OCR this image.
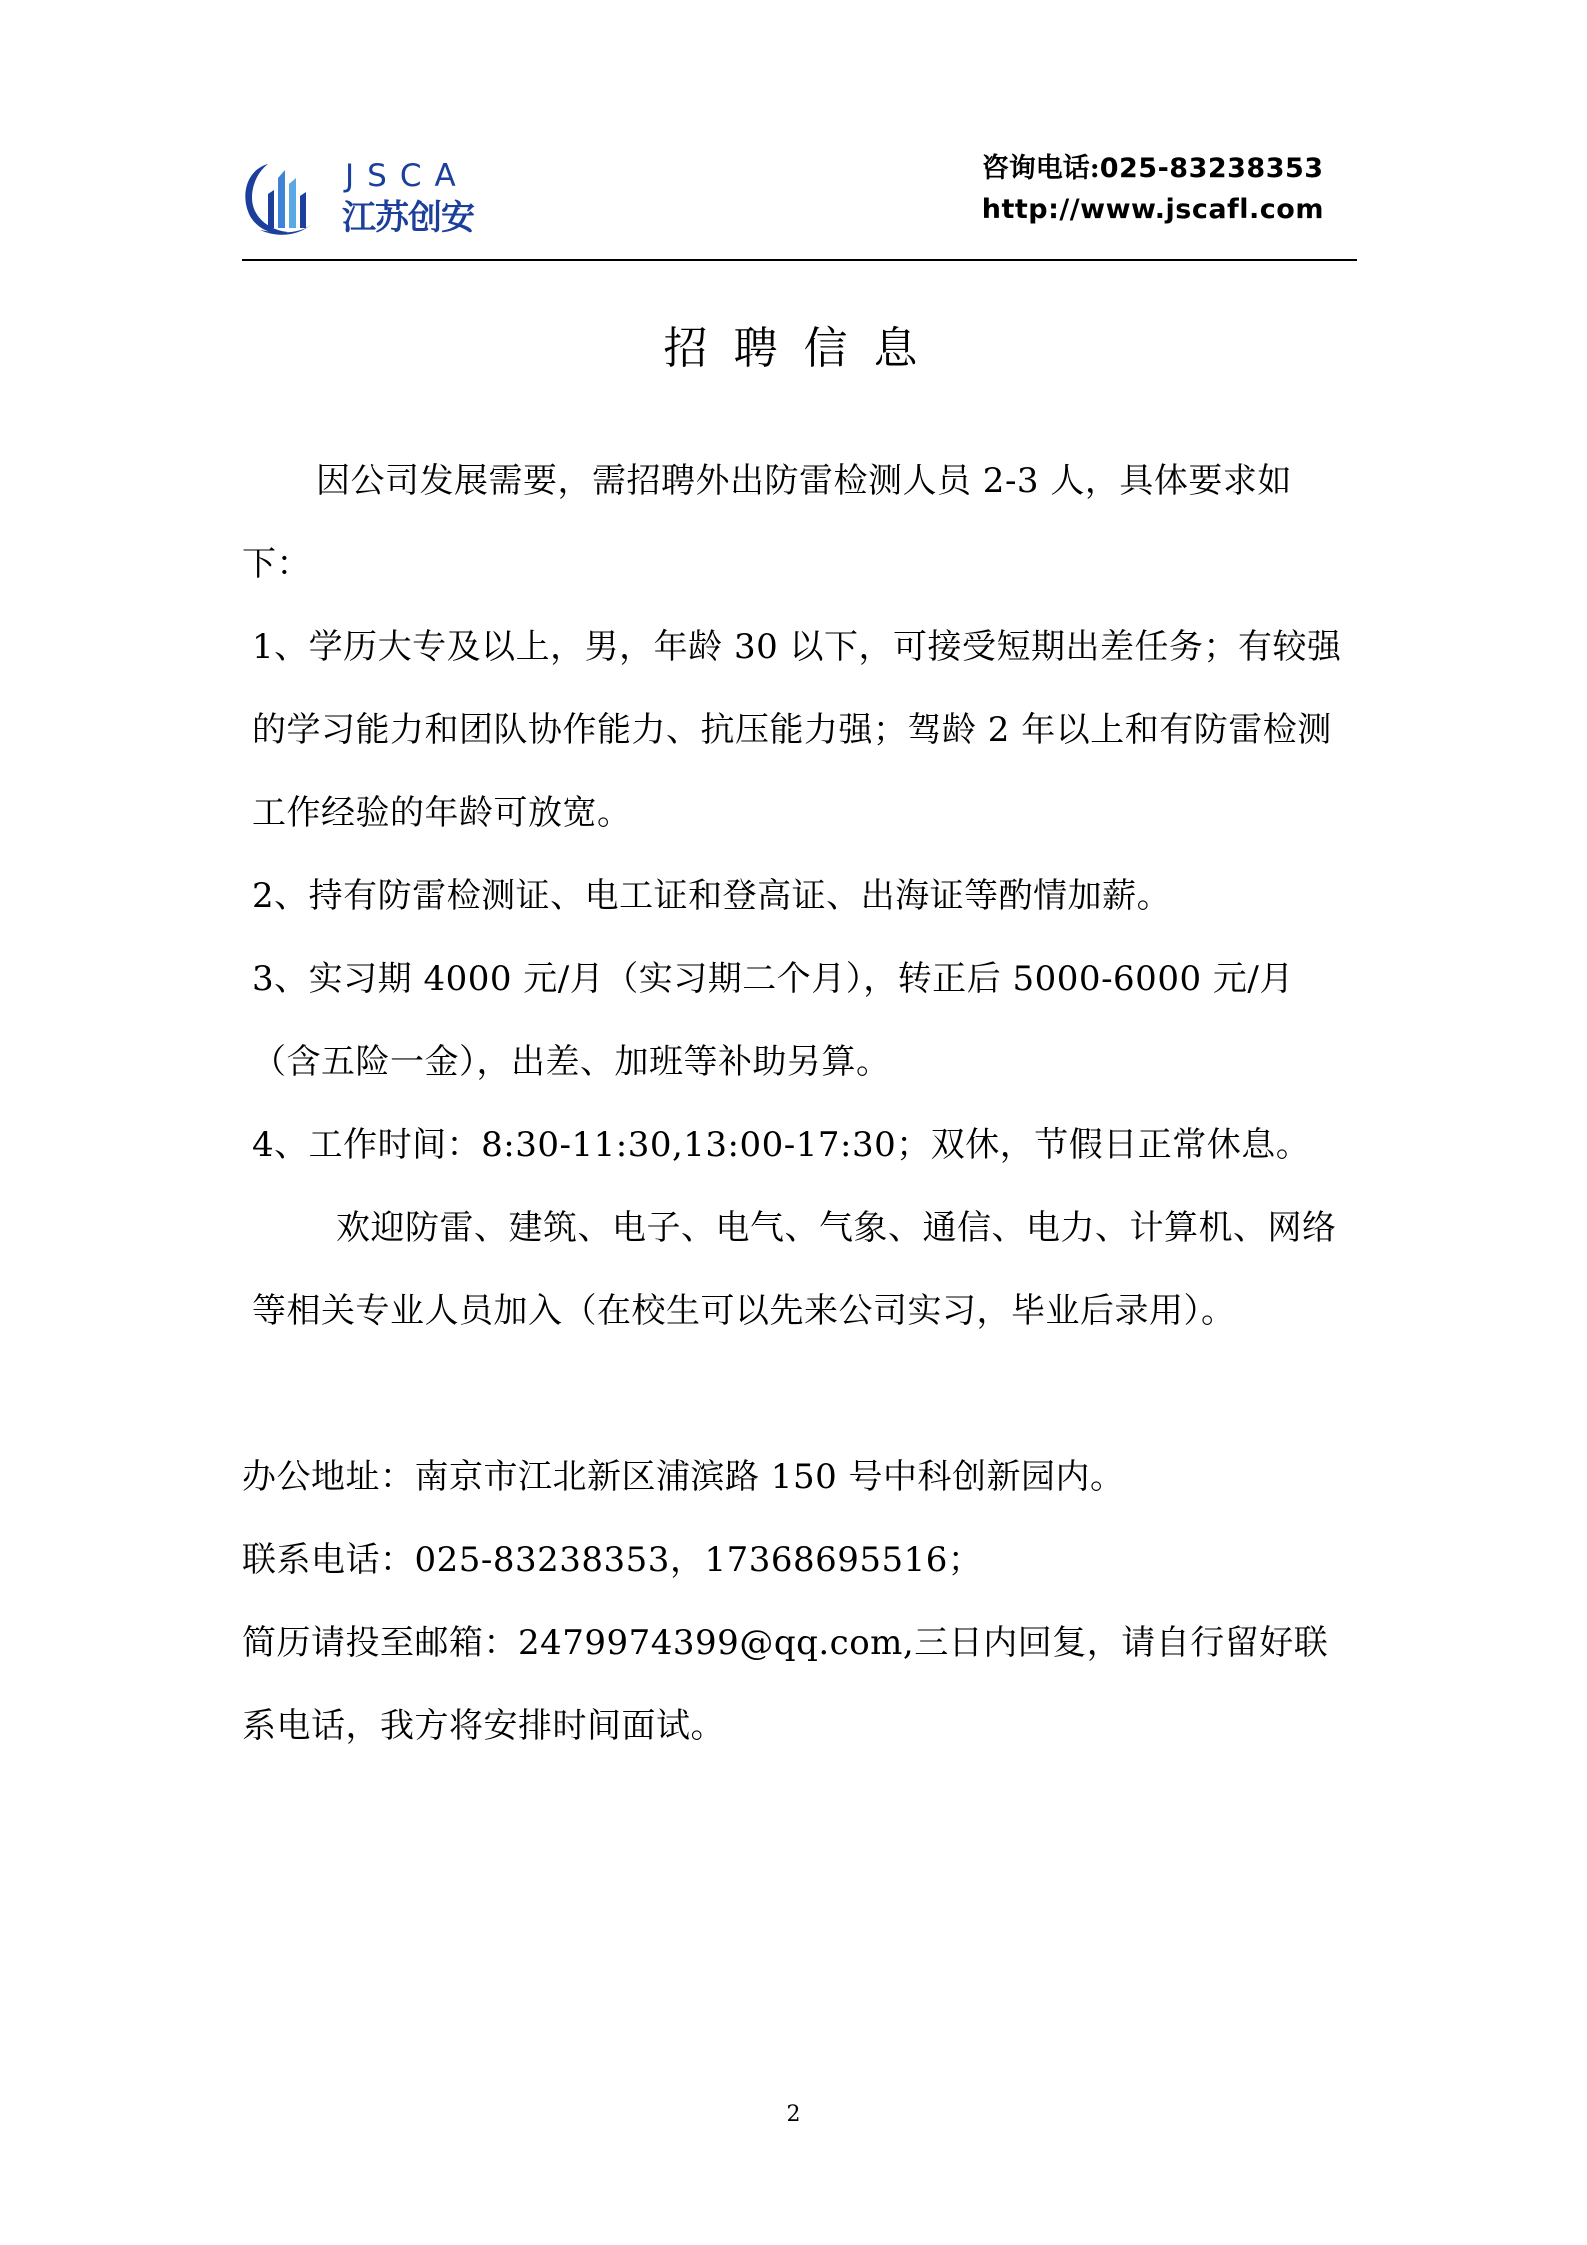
JSCA
江苏创安
咨询电话:025-83238353
http://www.jscafl.com
招聘信息

因公司发展需要，需招聘外出防雷检测人员 2-3 人，具体要求如下：

1、学历大专及以上，男，年龄 30 以下，可接受短期出差任务；有较强的学习能力和团队协作能力、抗压能力强；驾龄 2 年以上和有防雷检测工作经验的年龄可放宽。

2、持有防雷检测证、电工证和登高证、出海证等酌情加薪。

3、实习期 4000 元/月（实习期二个月），转正后 5000-6000 元/月（含五险一金），出差、加班等补助另算。

4、工作时间：8:30-11:30,13:00-17:30；双休，节假日正常休息。

欢迎防雷、建筑、电子、电气、气象、通信、电力、计算机、网络等相关专业人员加入（在校生可以先来公司实习，毕业后录用）。

办公地址：南京市江北新区浦滨路 150 号中科创新园内。

联系电话：025-83238353，17368695516；

简历请投至邮箱：2479974399@qq.com,三日内回复，请自行留好联系电话，我方将安排时间面试。

2
